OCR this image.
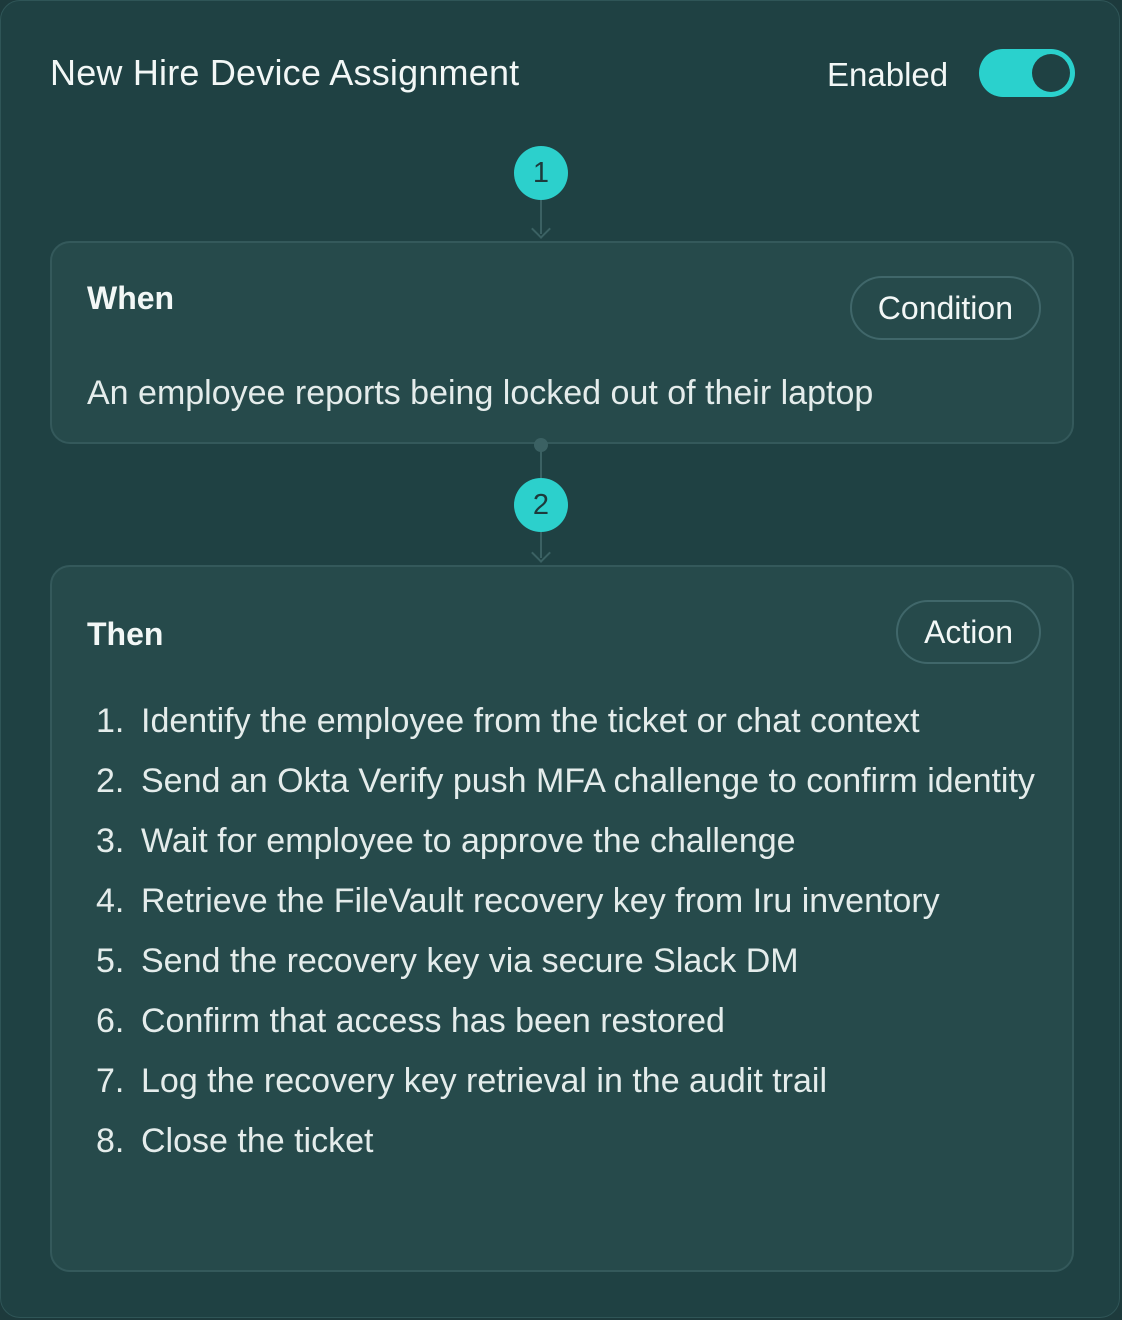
New Hire Device Assignment	Enabled
1
When	Condition
An employee reports being locked out of their laptop
2
Then	Action
1. Identify the employee from the ticket or chat context
2. Send an Okta Verify push MFA challenge to confirm identity
3. Wait for employee to approve the challenge
4. Retrieve the FileVault recovery key from Iru inventory
5. Send the recovery key via secure Slack DM
6. Confirm that access has been restored
7. Log the recovery key retrieval in the audit trail
8. Close the ticket
